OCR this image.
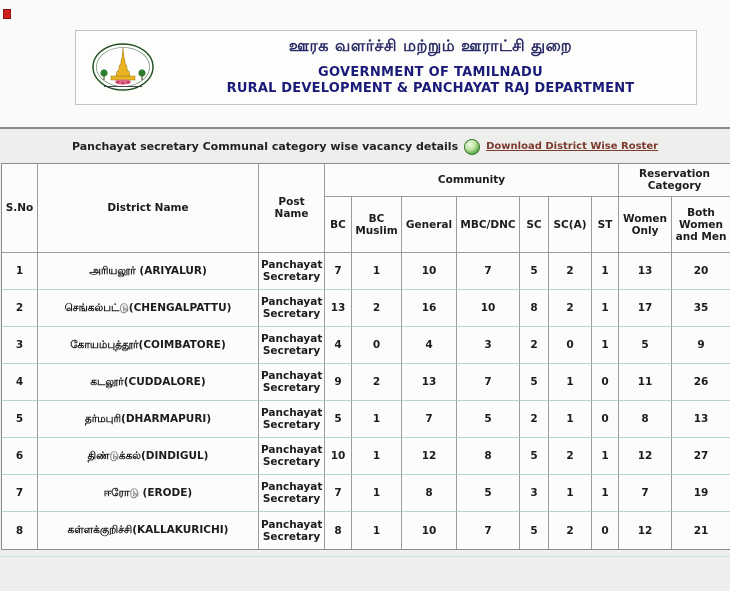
ஊரக வளர்ச்சி மற்றும் ஊராட்சி துறை
GOVERNMENT OF TAMILNADU
RURAL DEVELOPMENT & PANCHAYAT RAJ DEPARTMENT
Panchayat secretary Communal category wise vacancy details	Download District Wise Roster
S.No	District Name	Post Name	Community							Reservation Category	
			BC	BC Muslim	General	MBC/DNC	SC	SC(A)	ST	Women Only	Both Women and Men
1	அரியலூர் (ARIYALUR)	Panchayat Secretary	7	1	10	7	5	2	1	13	20
2	செங்கல்பட்டு(CHENGALPATTU)	Panchayat Secretary	13	2	16	10	8	2	1	17	35
3	கோயம்புத்தூர்(COIMBATORE)	Panchayat Secretary	4	0	4	3	2	0	1	5	9
4	கடலூர்(CUDDALORE)	Panchayat Secretary	9	2	13	7	5	1	0	11	26
5	தர்மபுரி(DHARMAPURI)	Panchayat Secretary	5	1	7	5	2	1	0	8	13
6	திண்டுக்கல்(DINDIGUL)	Panchayat Secretary	10	1	12	8	5	2	1	12	27
7	ஈரோடு (ERODE)	Panchayat Secretary	7	1	8	5	3	1	1	7	19
8	கள்ளக்குறிச்சி(KALLAKURICHI)	Panchayat Secretary	8	1	10	7	5	2	0	12	21
